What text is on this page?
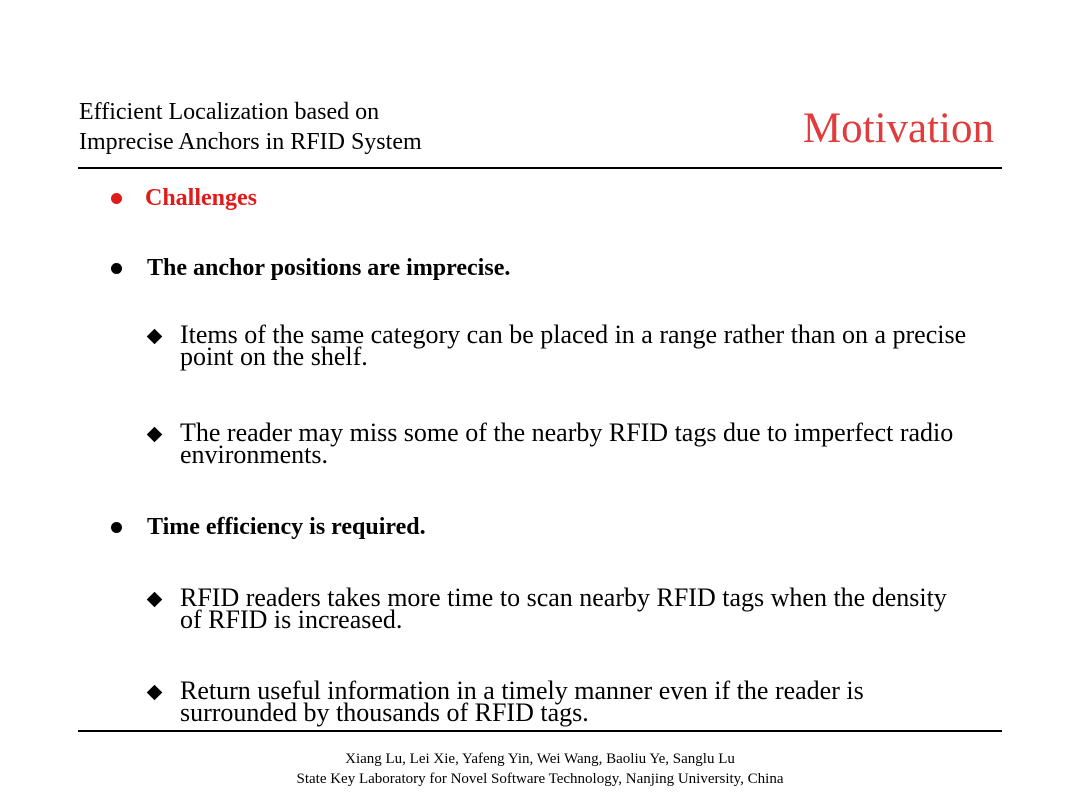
Efficient Localization based on
Imprecise Anchors in RFID System	Motivation
Challenges
The anchor positions are imprecise.
Items of the same category can be placed in a range rather than on a precise point on the shelf.
The reader may miss some of the nearby RFID tags due to imperfect radio environments.
Time efficiency is required.
RFID readers takes more time to scan nearby RFID tags when the density of RFID is increased.
Return useful information in a timely manner even if the reader is surrounded by thousands of RFID tags.
Xiang Lu, Lei Xie, Yafeng Yin, Wei Wang, Baoliu Ye, Sanglu Lu
State Key Laboratory for Novel Software Technology, Nanjing University, China
